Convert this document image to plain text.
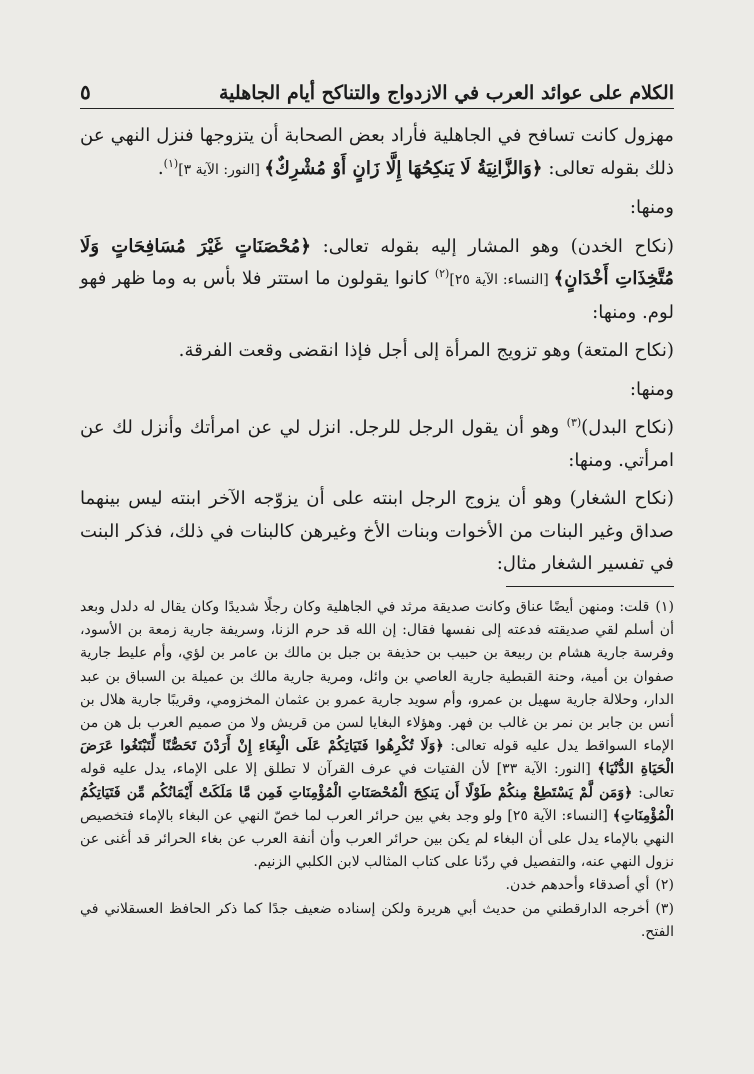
الكلام على عوائد العرب في الازدواج والتناكح أيام الجاهلية
٥

مهزول كانت تسافح في الجاهلية فأراد بعض الصحابة أن يتزوجها فنزل النهي عن ذلك بقوله تعالى: ﴿وَالزَّانِيَةُ لَا يَنكِحُهَا إِلَّا زَانٍ أَوْ مُشْرِكٌ﴾ [النور: الآية ٣]$^{(١)}$.

ومنها:

(نكاح الخدن) وهو المشار إليه بقوله تعالى: ﴿مُحْصَنَاتٍ غَيْرَ مُسَافِحَاتٍ وَلَا مُتَّخِذَاتِ أَخْدَانٍ﴾ [النساء: الآية ٢٥]$^{(٢)}$ كانوا يقولون ما استتر فلا بأس به وما ظهر فهو لوم. ومنها:

(نكاح المتعة) وهو تزويج المرأة إلى أجل فإذا انقضى وقعت الفرقة.

ومنها:

(نكاح البدل)$^{(٣)}$ وهو أن يقول الرجل للرجل. انزل لي عن امرأتك وأنزل لك عن امرأتي. ومنها:

(نكاح الشغار) وهو أن يزوج الرجل ابنته على أن يزوّجه الآخر ابنته ليس بينهما صداق وغير البنات من الأخوات وبنات الأخ وغيرهن كالبنات في ذلك، فذكر البنت في تفسير الشغار مثال:

(١)قلت: ومنهن أيضًا عناق وكانت صديقة مرثد في الجاهلية وكان رجلًا شديدًا وكان يقال له دلدل وبعد أن أسلم لقي صديقته فدعته إلى نفسها فقال: إن الله قد حرم الزنا، وسريفة جارية زمعة بن الأسود، وفرسة جارية هشام بن ربيعة بن حبيب بن حذيفة بن جبل بن مالك بن عامر بن لؤي، وأم عليط جارية صفوان بن أمية، وحنة القبطية جارية العاصي بن وائل، ومرية جارية مالك بن عميلة بن السباق بن عبد الدار، وحلالة جارية سهيل بن عمرو، وأم سويد جارية عمرو بن عثمان المخزومي، وقريبًا جارية هلال بن أنس بن جابر بن نمر بن غالب بن فهر. وهؤلاء البغايا لسن من قريش ولا من صميم العرب بل هن من الإماء السواقط يدل عليه قوله تعالى: ﴿وَلَا تُكْرِهُوا فَتَيَاتِكُمْ عَلَى الْبِغَاءِ إِنْ أَرَدْنَ تَحَصُّنًا لِّتَبْتَغُوا عَرَضَ الْحَيَاةِ الدُّنْيَا﴾ [النور: الآية ٣٣] لأن الفتيات في عرف القرآن لا تطلق إلا على الإماء، يدل عليه قوله تعالى: ﴿وَمَن لَّمْ يَسْتَطِعْ مِنكُمْ طَوْلًا أَن يَنكِحَ الْمُحْصَنَاتِ الْمُؤْمِنَاتِ فَمِن مَّا مَلَكَتْ أَيْمَانُكُم مِّن فَتَيَاتِكُمُ الْمُؤْمِنَاتِ﴾ [النساء: الآية ٢٥] ولو وجد بغي بين حرائر العرب لما خصّ النهي عن البغاء بالإماء فتخصيص النهي بالإماء يدل على أن البغاء لم يكن بين حرائر العرب وأن أنفة العرب عن بغاء الحرائر قد أغنى عن نزول النهي عنه، والتفصيل في ردّنا على كتاب المثالب لابن الكلبي الزنيم.

(٢)أي أصدقاء وأحدهم خدن.

(٣)أخرجه الدارقطني من حديث أبي هريرة ولكن إسناده ضعيف جدًا كما ذكر الحافظ العسقلاني في الفتح.
